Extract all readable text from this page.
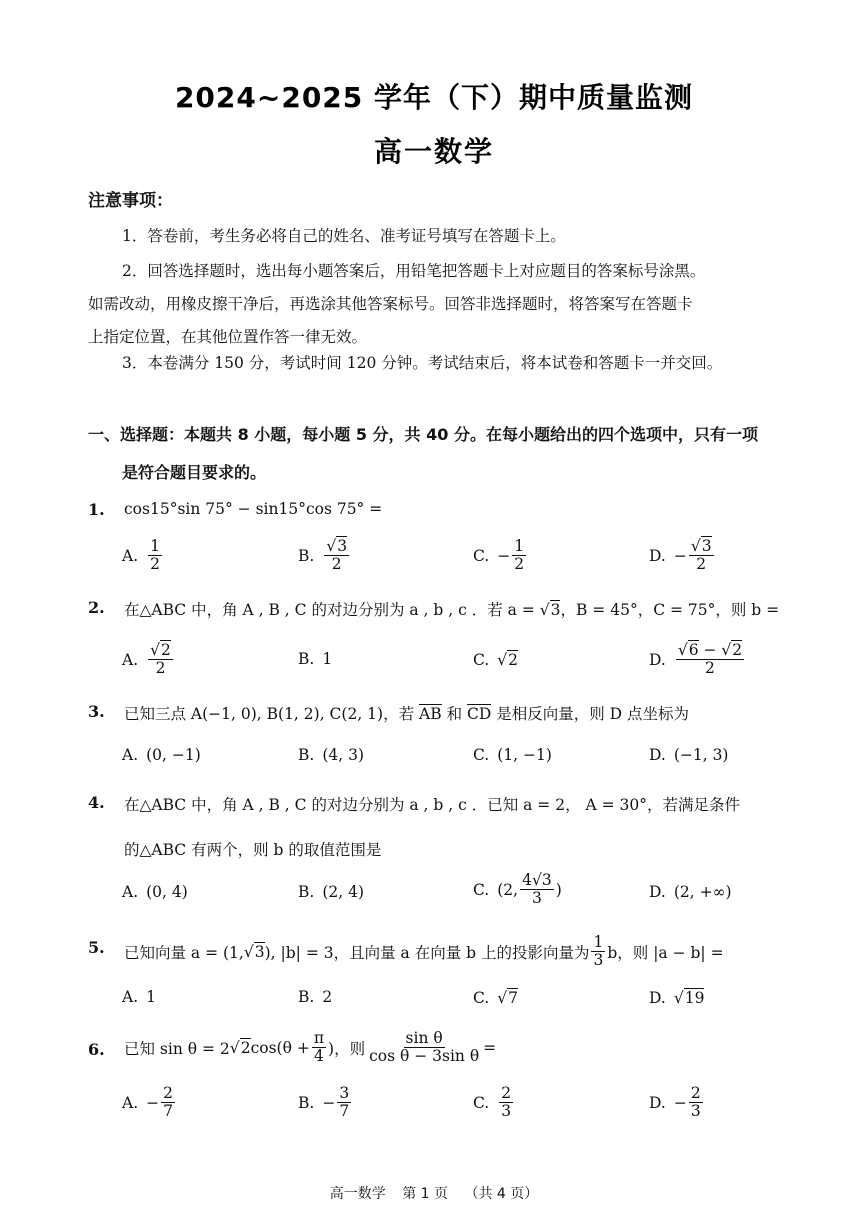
2024~2025 学年（下）期中质量监测
高一数学
注意事项：
1．答卷前，考生务必将自己的姓名、准考证号填写在答题卡上。
2．回答选择题时，选出每小题答案后，用铅笔把答题卡上对应题目的答案标号涂黑。
如需改动，用橡皮擦干净后，再选涂其他答案标号。回答非选择题时，将答案写在答题卡
上指定位置，在其他位置作答一律无效。
3．本卷满分 150 分，考试时间 120 分钟。考试结束后，将本试卷和答题卡一并交回。
一、选择题：本题共 8 小题，每小题 5 分，共 40 分。在每小题给出的四个选项中，只有一项
是符合题目要求的。
1. cos15°sin 75° − sin15°cos 75° =
A. $\frac{1}{2}$	B. $\frac{√3}{2}$	C. − $\frac{1}{2}$	D. − $\frac{√3}{2}$
2. 在△ABC 中，角 A , B , C 的对边分别为 a , b , c ．若 a = √3，B = 45°，C = 75°，则 b =
A. $\frac{√2}{2}$	B. 1	C. √ 2	D. $\frac{√6 - √2}{2}$
3. 已知三点 A(−1, 0), B(1, 2), C(2, 1)，若 AB 和 CD 是相反向量，则 D 点坐标为
A. (0, −1)	B. (4, 3)	C. (1, −1)	D. (−1, 3)
4. 在△ABC 中，角 A , B , C 的对边分别为 a , b , c ．已知 a = 2， A = 30°，若满足条件
的△ABC 有两个，则 b 的取值范围是
A. (0, 4)	B. (2, 4)	C. ( 2 , $\frac{4√3}{3}$ )	D. (2, +∞)
5. 已知向量 a = (1, √ 3 ), |b| = 3，且向量 a 在向量 b 上的投影向量为 $\frac{1}{3}$ b，则 |a − b| =
A. 1	B. 2	C. √ 7	D. √ 19
6. 已知 sin θ = 2 √ 2 $\cos(\theta + \frac{\pi}{4}$ )，则 $\frac{\text{sin θ}}{\text{cos θ − 3sin θ}}$ =
A. − $\frac{2}{7}$	B. − $\frac{3}{7}$	C. $\frac{2}{3}$	D. − $\frac{2}{3}$
高一数学 第 1 页 （共 4 页）
